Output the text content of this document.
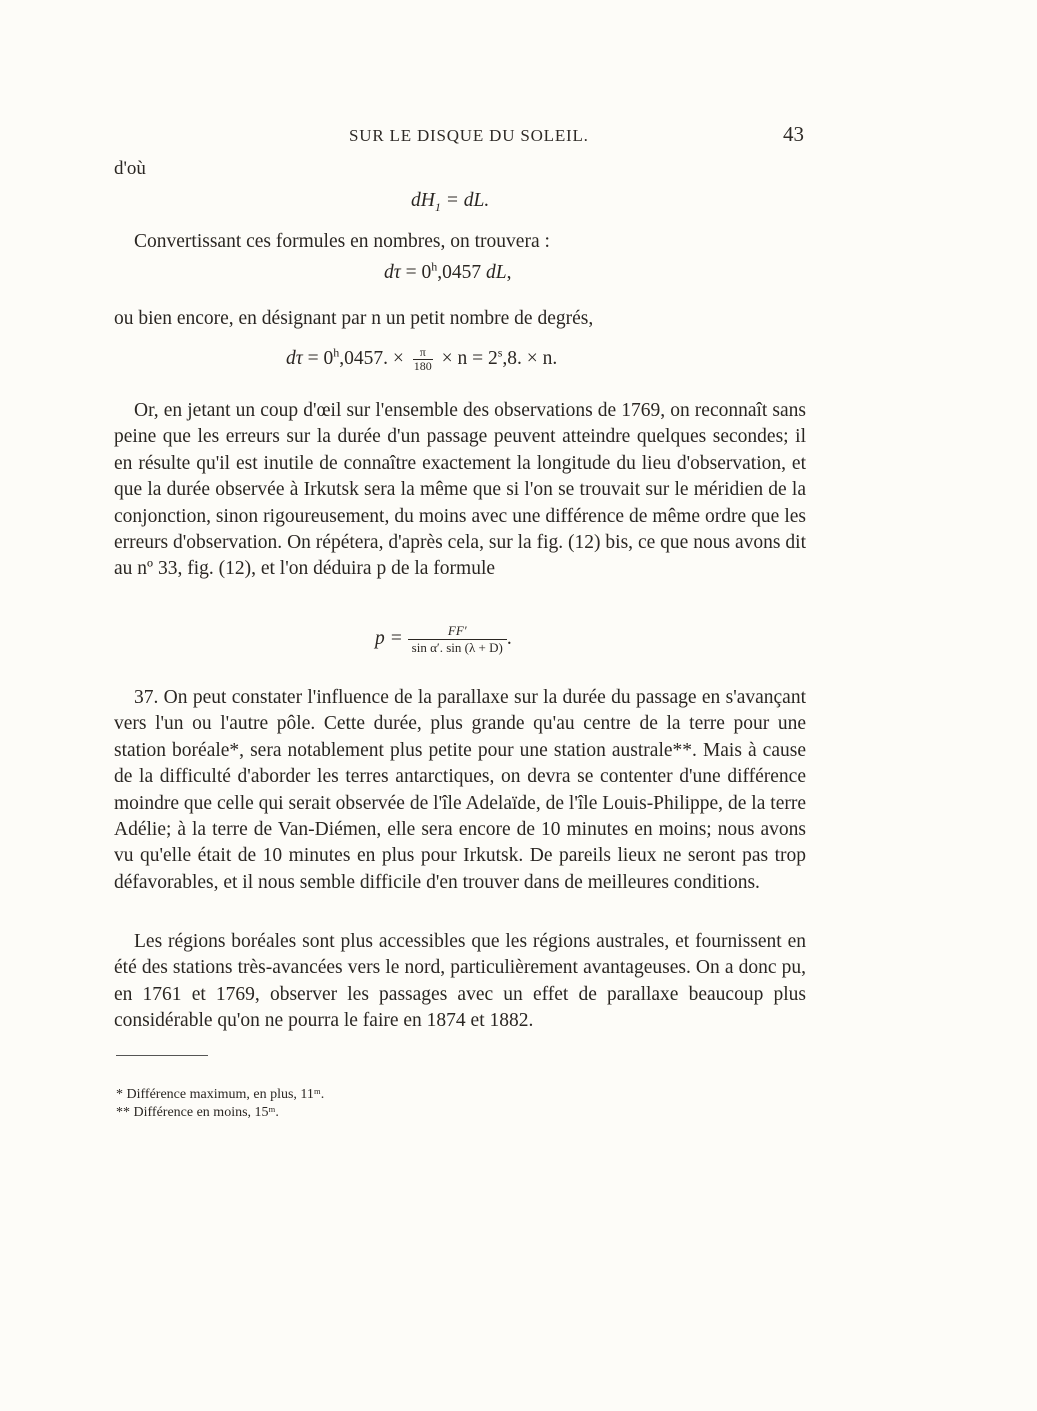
SUR LE DISQUE DU SOLEIL.	43
d'où
$dH_1$ = dL.

Convertissant ces formules en nombres, on trouvera :

$d\tau = 0^h,0457$ dL,

ou bien encore, en désignant par n un petit nombre de degrés,

$d\tau = 0^h,0457$. × $\frac{\pi}{180} \times n = 2^s,8$. × n.

Or, en jetant un coup d'œil sur l'ensemble des observations de 1769, on reconnaît sans peine que les erreurs sur la durée d'un passage peuvent atteindre quelques secondes; il en résulte qu'il est inutile de connaître exactement la longitude du lieu d'observation, et que la durée observée à Irkutsk sera la même que si l'on se trouvait sur le méridien de la conjonction, sinon rigoureusement, du moins avec une différence de même ordre que les erreurs d'observation. On répétera, d'après cela, sur la fig. (12) bis, ce que nous avons dit au nº 33, fig. (12), et l'on déduira p de la formule

$p = \frac{FF'}{\text{sin α′. sin (λ + D)}}$ .

37. On peut constater l'influence de la parallaxe sur la durée du passage en s'avançant vers l'un ou l'autre pôle. Cette durée, plus grande qu'au centre de la terre pour une station boréale*, sera notablement plus petite pour une station australe**. Mais à cause de la difficulté d'aborder les terres antarctiques, on devra se contenter d'une différence moindre que celle qui serait observée de l'île Adelaïde, de l'île Louis-Philippe, de la terre Adélie; à la terre de Van-Diémen, elle sera encore de 10 minutes en moins; nous avons vu qu'elle était de 10 minutes en plus pour Irkutsk. De pareils lieux ne seront pas trop défavorables, et il nous semble difficile d'en trouver dans de meilleures conditions.

Les régions boréales sont plus accessibles que les régions australes, et fournissent en été des stations très-avancées vers le nord, particulièrement avantageuses. On a donc pu, en 1761 et 1769, observer les passages avec un effet de parallaxe beaucoup plus considérable qu'on ne pourra le faire en 1874 et 1882.

* Différence maximum, en plus, 11ᵐ.

** Différence en moins, 15ᵐ.
